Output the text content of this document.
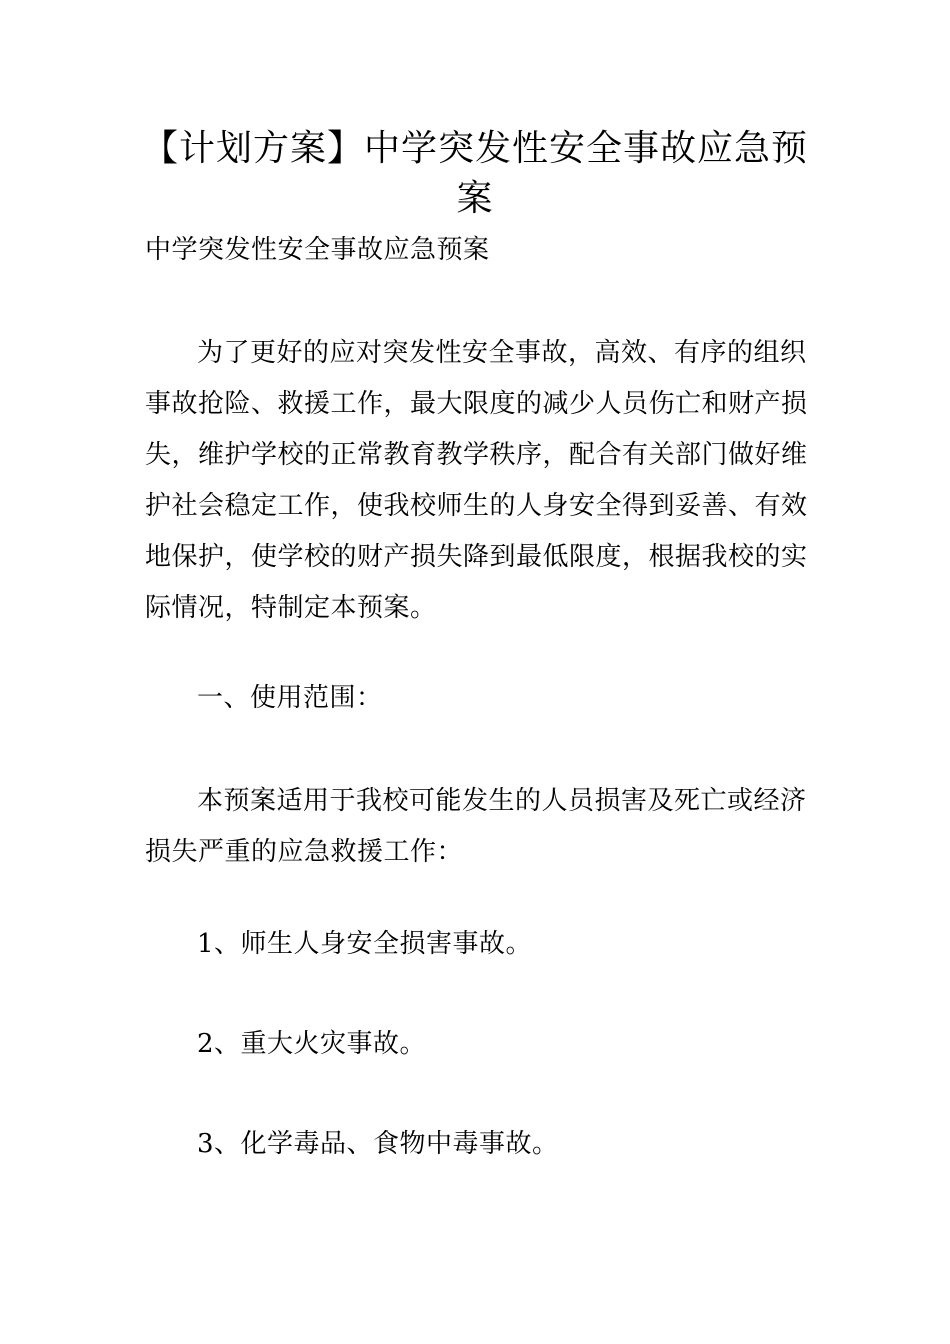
【计划方案】中学突发性安全事故应急预案

中学突发性安全事故应急预案

为了更好的应对突发性安全事故，高效、有序的组织事故抢险、救援工作，最大限度的减少人员伤亡和财产损失，维护学校的正常教育教学秩序，配合有关部门做好维护社会稳定工作，使我校师生的人身安全得到妥善、有效地保护，使学校的财产损失降到最低限度，根据我校的实际情况，特制定本预案。

一、使用范围：

本预案适用于我校可能发生的人员损害及死亡或经济损失严重的应急救援工作：

1、师生人身安全损害事故。

2、重大火灾事故。

3、化学毒品、食物中毒事故。
